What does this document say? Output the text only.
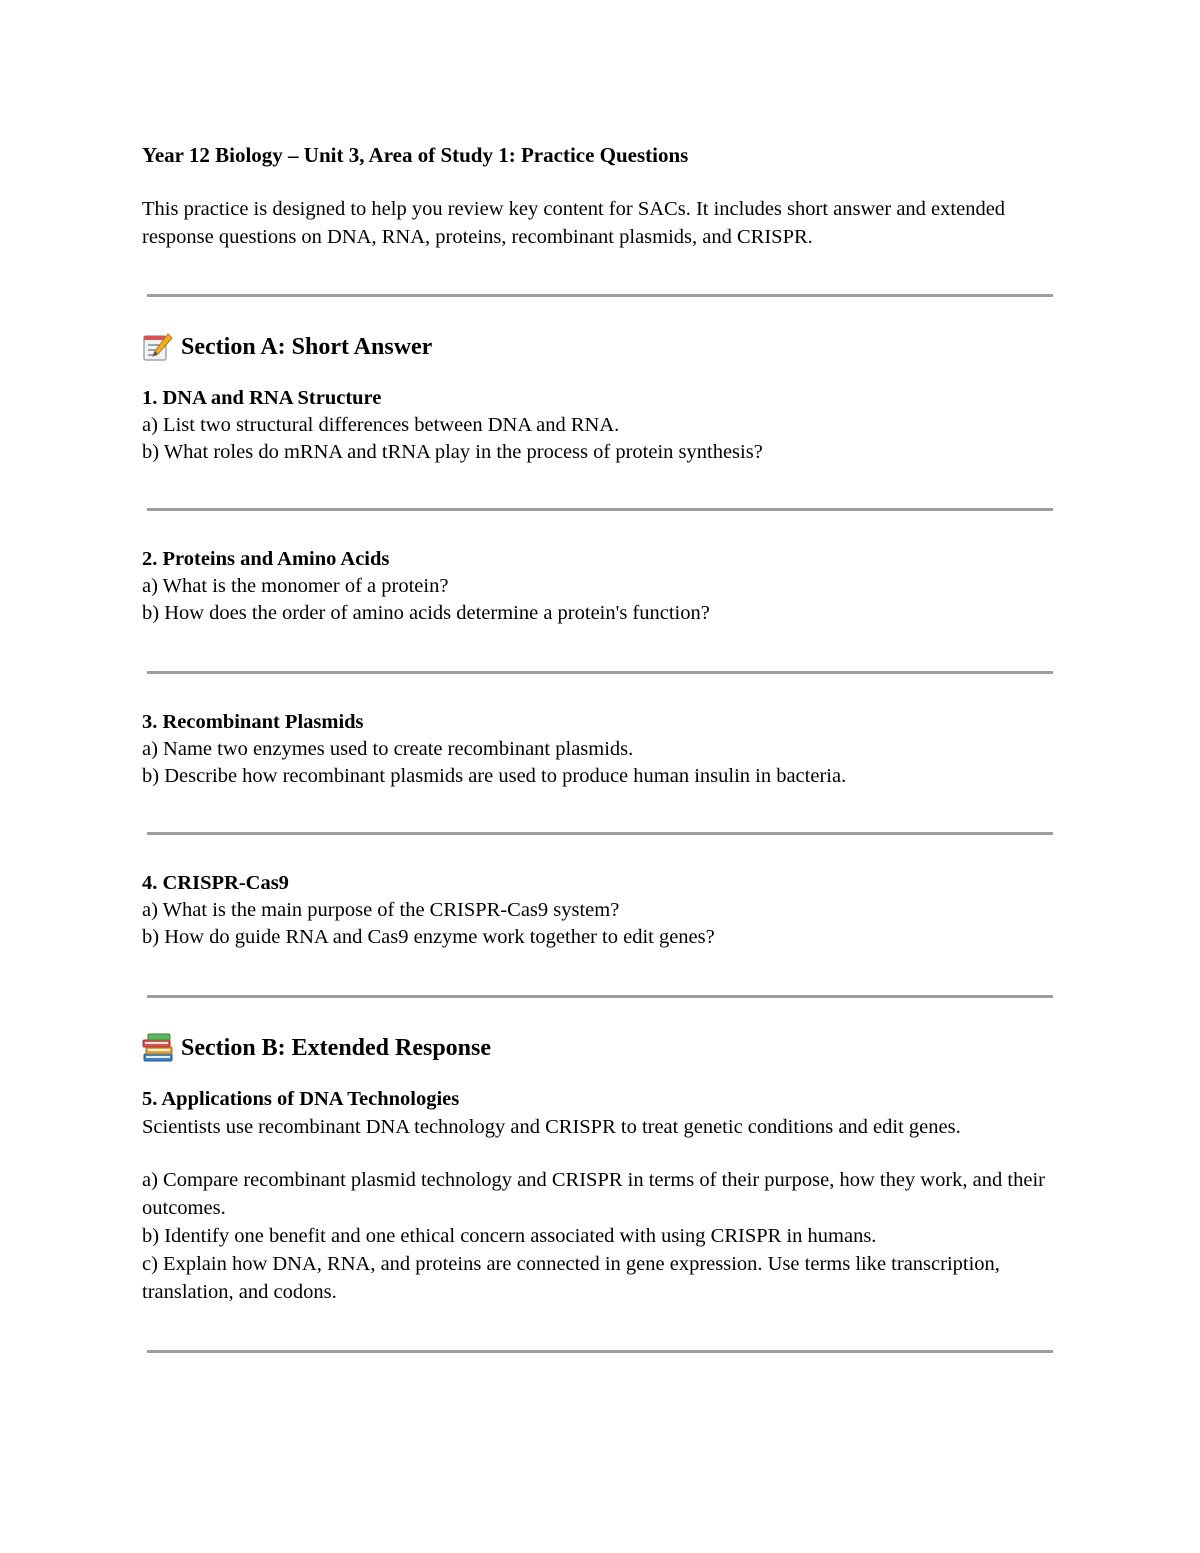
Year 12 Biology – Unit 3, Area of Study 1: Practice Questions

This practice is designed to help you review key content for SACs. It includes short answer and extended response questions on DNA, RNA, proteins, recombinant plasmids, and CRISPR.

Section A: Short Answer

1. DNA and RNA Structure

a) List two structural differences between DNA and RNA.

b) What roles do mRNA and tRNA play in the process of protein synthesis?

2. Proteins and Amino Acids

a) What is the monomer of a protein?

b) How does the order of amino acids determine a protein's function?

3. Recombinant Plasmids

a) Name two enzymes used to create recombinant plasmids.

b) Describe how recombinant plasmids are used to produce human insulin in bacteria.

4. CRISPR-Cas9

a) What is the main purpose of the CRISPR-Cas9 system?

b) How do guide RNA and Cas9 enzyme work together to edit genes?

Section B: Extended Response

5. Applications of DNA Technologies

Scientists use recombinant DNA technology and CRISPR to treat genetic conditions and edit genes.

a) Compare recombinant plasmid technology and CRISPR in terms of their purpose, how they work, and their outcomes.

b) Identify one benefit and one ethical concern associated with using CRISPR in humans.

c) Explain how DNA, RNA, and proteins are connected in gene expression. Use terms like transcription, translation, and codons.
